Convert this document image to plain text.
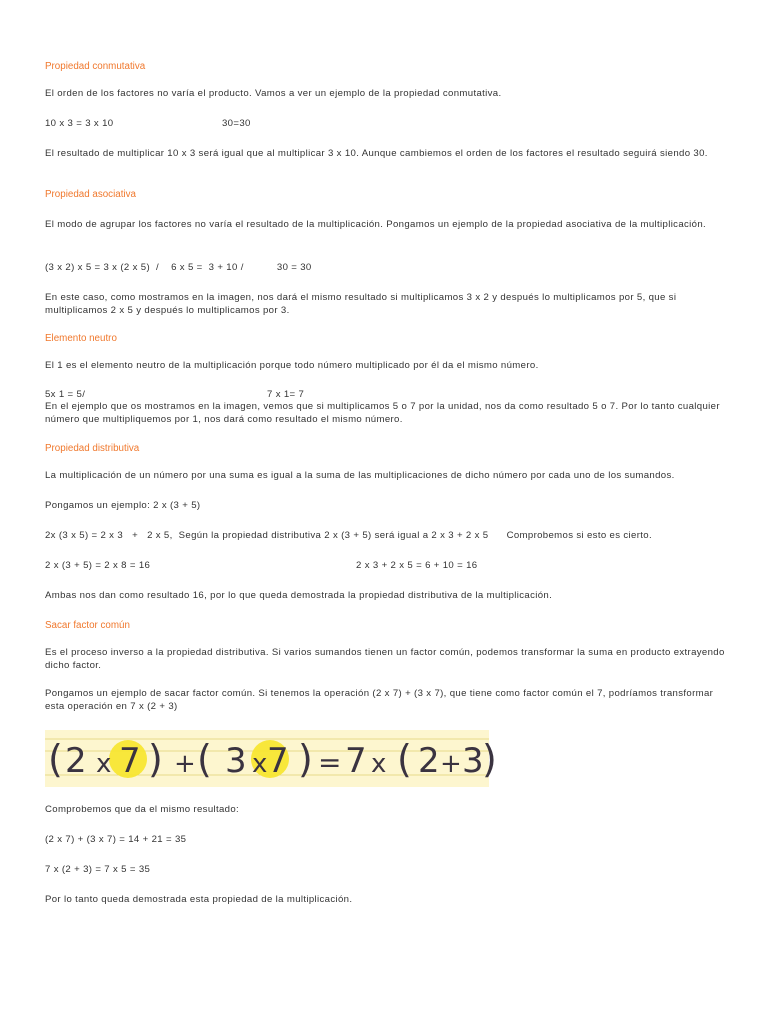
Propiedad conmutativa

El orden de los factores no varía el producto. Vamos a ver un ejemplo de la propiedad conmutativa.

10 x 3 = 3 x 10	30=30

El resultado de multiplicar 10 x 3 será igual que al multiplicar 3 x 10. Aunque cambiemos el orden de los factores el resultado seguirá siendo 30.

Propiedad asociativa

El modo de agrupar los factores no varía el resultado de la multiplicación. Pongamos un ejemplo de la propiedad asociativa de la multiplicación.

(3 x 2) x 5 = 3 x (2 x 5)  /    6 x 5 =  3 + 10 /           30 = 30

En este caso, como mostramos en la imagen, nos dará el mismo resultado si multiplicamos 3 x 2 y después lo multiplicamos por 5, que si multiplicamos 2 x 5 y después lo multiplicamos por 3.

Elemento neutro

El 1 es el elemento neutro de la multiplicación porque todo número multiplicado por él da el mismo número.

5x 1 = 5/	7 x 1= 7

En el ejemplo que os mostramos en la imagen, vemos que si multiplicamos 5 o 7 por la unidad, nos da como resultado 5 o 7. Por lo tanto cualquier número que multipliquemos por 1, nos dará como resultado el mismo número.

Propiedad distributiva

La multiplicación de un número por una suma es igual a la suma de las multiplicaciones de dicho número por cada uno de los sumandos.

Pongamos un ejemplo: 2 x (3 + 5)

2x (3 x 5) = 2 x 3   +   2 x 5,  Según la propiedad distributiva 2 x (3 + 5) será igual a 2 x 3 + 2 x 5      Comprobemos si esto es cierto.

2 x (3 + 5) = 2 x 8 = 16	2 x 3 + 2 x 5 = 6 + 10 = 16

Ambas nos dan como resultado 16, por lo que queda demostrada la propiedad distributiva de la multiplicación.

Sacar factor común

Es el proceso inverso a la propiedad distributiva. Si varios sumandos tienen un factor común, podemos transformar la suma en producto extrayendo dicho factor.

Pongamos un ejemplo de sacar factor común. Si tenemos la operación (2 x 7) + (3 x 7), que tiene como factor común el 7, podríamos transformar esta operación en 7 x (2 + 3)

( 2 x 7 ) + ( 3 x 7 ) = 7 x ( 2 + 3
)

Comprobemos que da el mismo resultado:

(2 x 7) + (3 x 7) = 14 + 21 = 35

7 x (2 + 3) = 7 x 5 = 35

Por lo tanto queda demostrada esta propiedad de la multiplicación.
